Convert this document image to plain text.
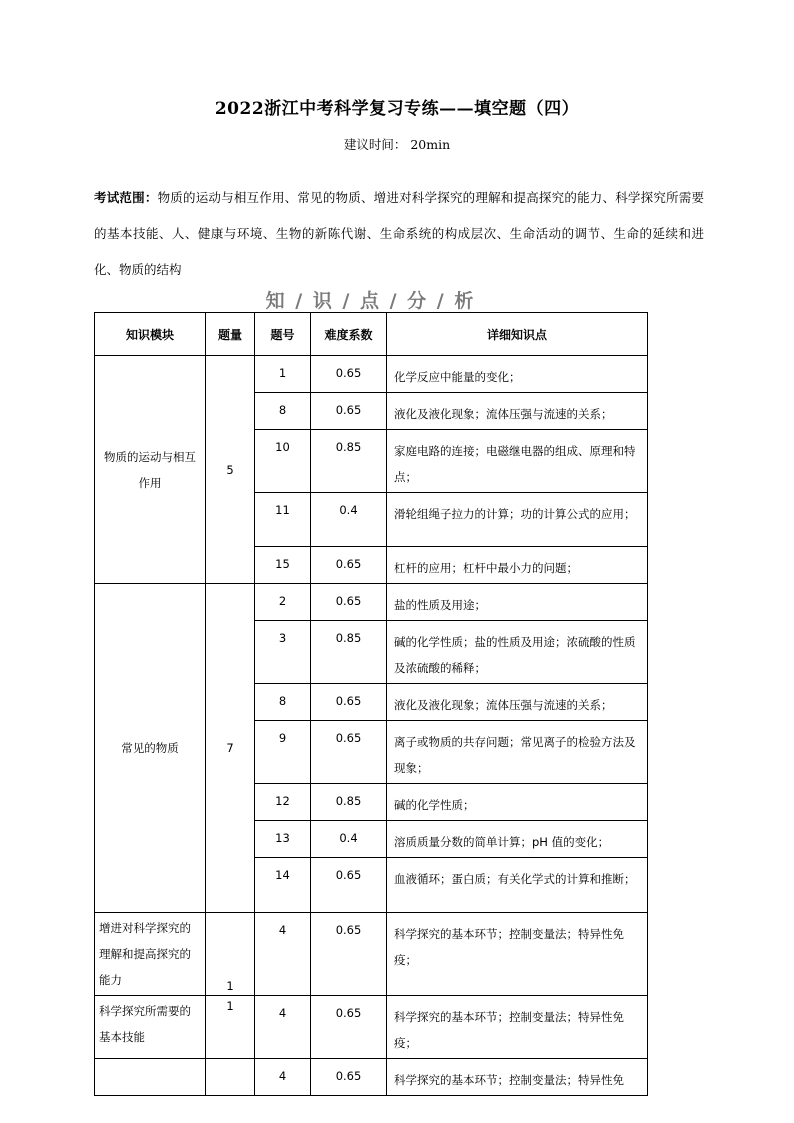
2022浙江中考科学复习专练——填空题（四）
建议时间： 20min
考试范围：物质的运动与相互作用、常见的物质、增进对科学探究的理解和提高探究的能力、科学探究所需要的基本技能、人、健康与环境、生物的新陈代谢、生命系统的构成层次、生命活动的调节、生命的延续和进化、物质的结构
知 / 识 / 点 / 分 / 析
知识模块	题量	题号	难度系数	详细知识点
物质的运动与相互作用	5	1	0.65	化学反应中能量的变化；
		8	0.65	液化及液化现象；流体压强与流速的关系；
		10	0.85	家庭电路的连接；电磁继电器的组成、原理和特点；
		11	0.4	滑轮组绳子拉力的计算；功的计算公式的应用；
		15	0.65	杠杆的应用；杠杆中最小力的问题；
常见的物质	7	2	0.65	盐的性质及用途；
		3	0.85	碱的化学性质；盐的性质及用途；浓硫酸的性质及浓硫酸的稀释；
		8	0.65	液化及液化现象；流体压强与流速的关系；
		9	0.65	离子或物质的共存问题；常见离子的检验方法及现象；
		12	0.85	碱的化学性质；
		13	0.4	溶质质量分数的简单计算；pH 值的变化；
		14	0.65	血液循环；蛋白质；有关化学式的计算和推断；
增进对科学探究的理解和提高探究的能力	1	4	0.65	科学探究的基本环节；控制变量法；特异性免疫；
科学探究所需要的基本技能	1	4	0.65	科学探究的基本环节；控制变量法；特异性免疫；
		4	0.65	科学探究的基本环节；控制变量法；特异性免
